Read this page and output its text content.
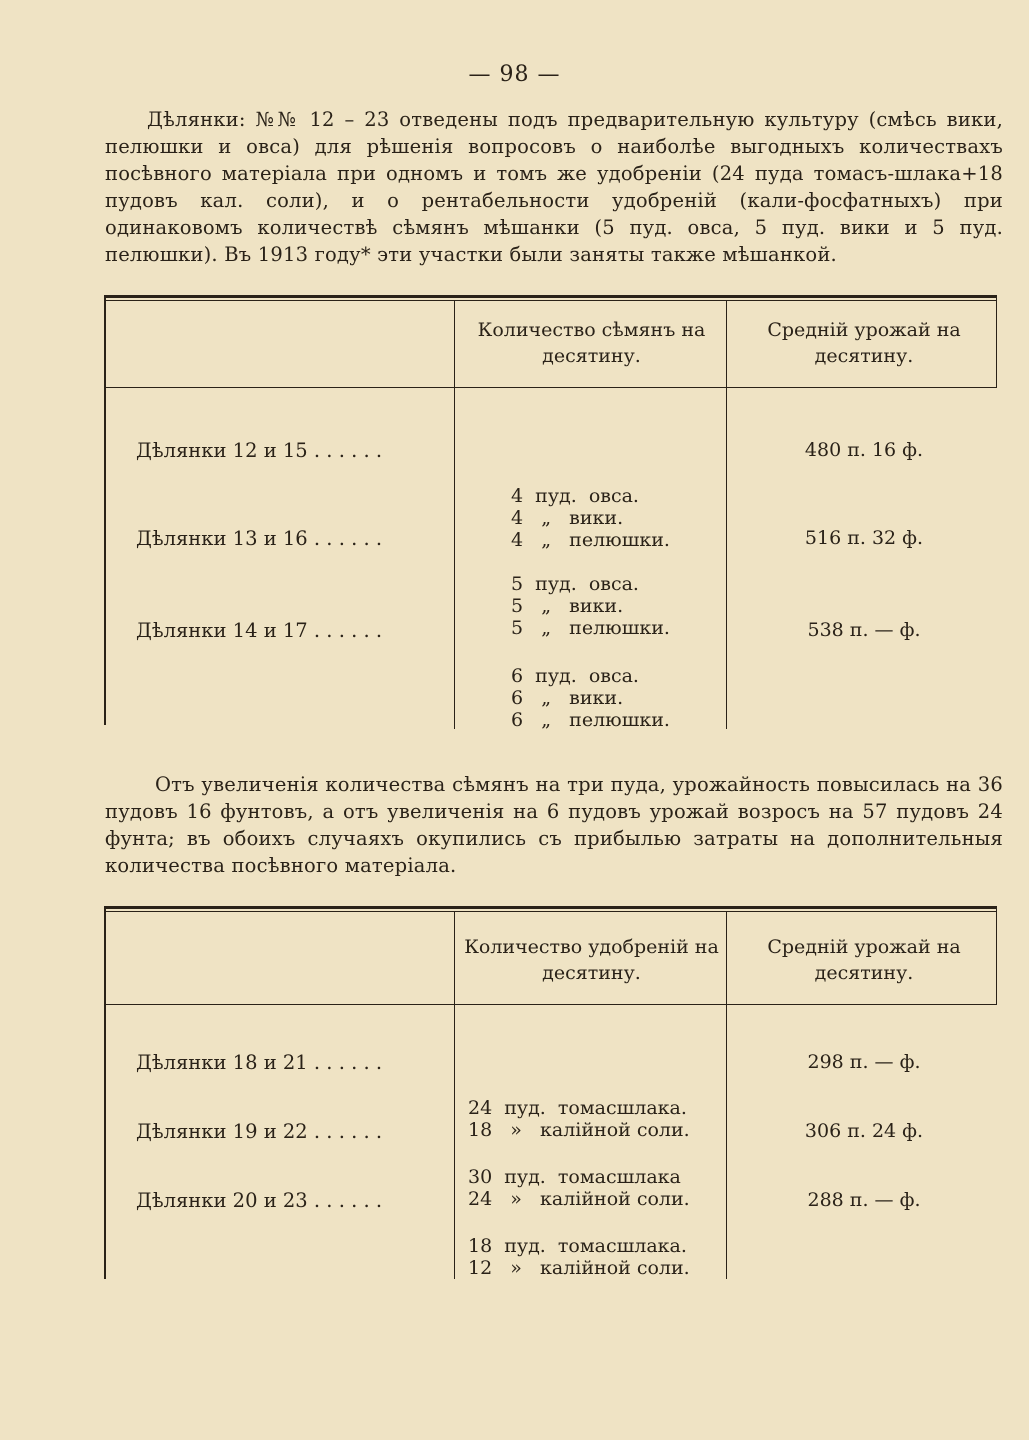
— 98 —

Дѣлянки: №№ 12 – 23 отведены подъ предварительную культуру (смѣсь вики, пелюшки и овса) для рѣшенія вопросовъ о наиболѣе выгодныхъ количествахъ посѣвного матеріала при одномъ и томъ же удобреніи (24 пуда томасъ-шлака+18 пудовъ кал. соли), и о рентабельности удобреній (кали-фосфатныхъ) при одинаковомъ количествѣ сѣмянъ мѣшанки (5 пуд. овса, 5 пуд. вики и 5 пуд. пелюшки). Въ 1913 году* эти участки были заняты также мѣшанкой.

Количество сѣмянъ на десятину.
Средній урожай на десятину.
Дѣлянки 12 и 15 . . . . . .

4  пуд.  овса.
4   „   вики.
4   „   пелюшки.

480 п. 16 ф.
Дѣлянки 13 и 16 . . . . . .

5  пуд.  овса.
5   „   вики.
5   „   пелюшки.

516 п. 32 ф.
Дѣлянки 14 и 17 . . . . . .

6  пуд.  овса.
6   „   вики.
6   „   пелюшки.

538 п. — ф.

Отъ увеличенія количества сѣмянъ на три пуда, урожайность повысилась на 36 пудовъ 16 фунтовъ, а отъ увеличенія на 6 пудовъ урожай возросъ на 57 пудовъ 24 фунта; въ обоихъ случаяхъ окупились съ прибылью затраты на дополнительныя количества посѣвного матеріала.

Количество удобреній на десятину.
Средній урожай на десятину.
Дѣлянки 18 и 21 . . . . . .

24  пуд.  томасшлака.
18   »   калійной соли.

298 п. — ф.
Дѣлянки 19 и 22 . . . . . .

30  пуд.  томасшлака
24   »   калійной соли.

306 п. 24 ф.
Дѣлянки 20 и 23 . . . . . .

18  пуд.  томасшлака.
12   »   калійной соли.

288 п. — ф.
